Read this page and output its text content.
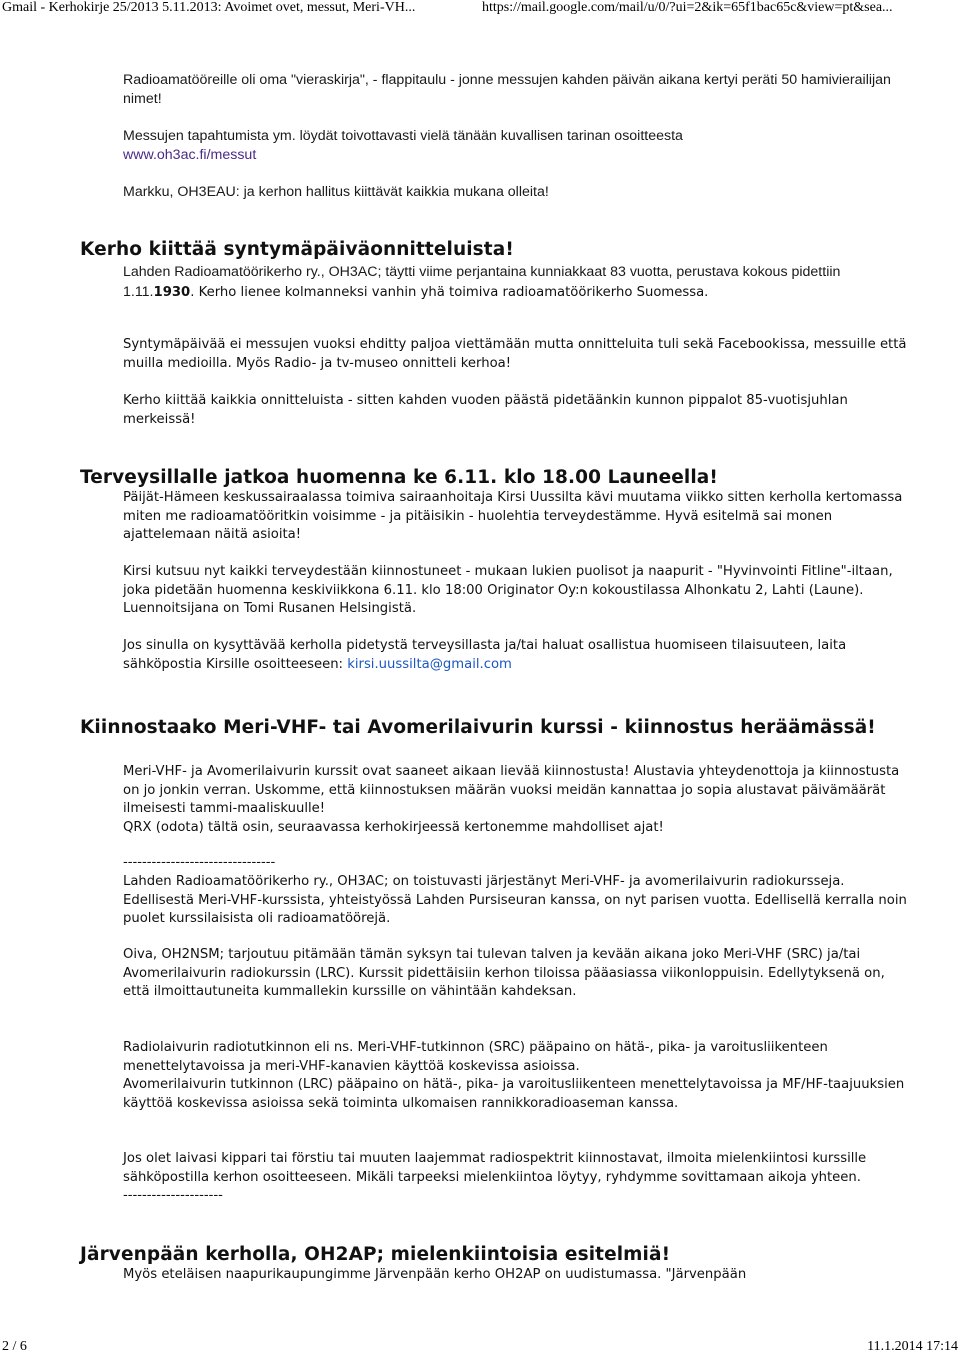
Gmail - Kerhokirje 25/2013 5.11.2013: Avoimet ovet, messut, Meri-VH...	https://mail.google.com/mail/u/0/?ui=2&ik=65f1bac65c&view=pt&sea...

Radioamatööreille oli oma "vieraskirja", - flappitaulu - jonne messujen kahden päivän aikana kertyi peräti 50 hamivierailijan nimet!

Messujen tapahtumista ym. löydät toivottavasti vielä tänään kuvallisen tarinan osoitteesta
www.oh3ac.fi/messut

Markku, OH3EAU: ja kerhon hallitus kiittävät kaikkia mukana olleita!

Kerho kiittää syntymäpäiväonnitteluista!

Lahden Radioamatöörikerho ry., OH3AC; täytti viime perjantaina kunniakkaat 83 vuotta, perustava kokous pidettiin 1.11.1930. Kerho lienee kolmanneksi vanhin yhä toimiva radioamatöörikerho Suomessa.

Syntymäpäivää ei messujen vuoksi ehditty paljoa viettämään mutta onnitteluita tuli sekä Facebookissa, messuille että muilla medioilla. Myös Radio- ja tv-museo onnitteli kerhoa!

Kerho kiittää kaikkia onnitteluista - sitten kahden vuoden päästä pidetäänkin kunnon pippalot 85-vuotisjuhlan merkeissä!

Terveysillalle jatkoa huomenna ke 6.11. klo 18.00 Launeella!

Päijät-Hämeen keskussairaalassa toimiva sairaanhoitaja Kirsi Uussilta kävi muutama viikko sitten kerholla kertomassa miten me radioamatööritkin voisimme - ja pitäisikin - huolehtia terveydestämme. Hyvä esitelmä sai monen ajattelemaan näitä asioita!

Kirsi kutsuu nyt kaikki terveydestään kiinnostuneet - mukaan lukien puolisot ja naapurit - "Hyvinvointi Fitline"-iltaan, joka pidetään huomenna keskiviikkona 6.11. klo 18:00 Originator Oy:n kokoustilassa Alhonkatu 2, Lahti (Laune). Luennoitsijana on Tomi Rusanen Helsingistä.

Jos sinulla on kysyttävää kerholla pidetystä terveysillasta ja/tai haluat osallistua huomiseen tilaisuuteen, laita sähköpostia Kirsille osoitteeseen: kirsi.uussilta@gmail.com

Kiinnostaako Meri-VHF- tai Avomerilaivurin kurssi - kiinnostus heräämässä!

Meri-VHF- ja Avomerilaivurin kurssit ovat saaneet aikaan lievää kiinnostusta! Alustavia yhteydenottoja ja kiinnostusta on jo jonkin verran. Uskomme, että kiinnostuksen määrän vuoksi meidän kannattaa jo sopia alustavat päivämäärät ilmeisesti tammi-maaliskuulle!
QRX (odota) tältä osin, seuraavassa kerhokirjeessä kertonemme mahdolliset ajat!

--------------------------------

Lahden Radioamatöörikerho ry., OH3AC; on toistuvasti järjestänyt Meri-VHF- ja avomerilaivurin radiokursseja. Edellisestä Meri-VHF-kurssista, yhteistyössä Lahden Pursiseuran kanssa, on nyt parisen vuotta. Edellisellä kerralla noin puolet kurssilaisista oli radioamatöörejä.

Oiva, OH2NSM; tarjoutuu pitämään tämän syksyn tai tulevan talven ja kevään aikana joko Meri-VHF (SRC) ja/tai Avomerilaivurin radiokurssin (LRC). Kurssit pidettäisiin kerhon tiloissa pääasiassa viikonloppuisin. Edellytyksenä on, että ilmoittautuneita kummallekin kurssille on vähintään kahdeksan.

Radiolaivurin radiotutkinnon eli ns. Meri-VHF-tutkinnon (SRC) pääpaino on hätä-, pika- ja varoitusliikenteen menettelytavoissa ja meri-VHF-kanavien käyttöä koskevissa asioissa.
Avomerilaivurin tutkinnon (LRC) pääpaino on hätä-, pika- ja varoitusliikenteen menettelytavoissa ja MF/HF-taajuuksien käyttöä koskevissa asioissa sekä toiminta ulkomaisen rannikkoradioaseman kanssa.

Jos olet laivasi kippari tai förstiu tai muuten laajemmat radiospektrit kiinnostavat, ilmoita mielenkiintosi kurssille sähköpostilla kerhon osoitteeseen. Mikäli tarpeeksi mielenkiintoa löytyy, ryhdymme sovittamaan aikoja yhteen.
---------------------

Järvenpään kerholla, OH2AP; mielenkiintoisia esitelmiä!

Myös eteläisen naapurikaupungimme Järvenpään kerho OH2AP on uudistumassa. "Järvenpään

2 / 6	11.1.2014 17:14
